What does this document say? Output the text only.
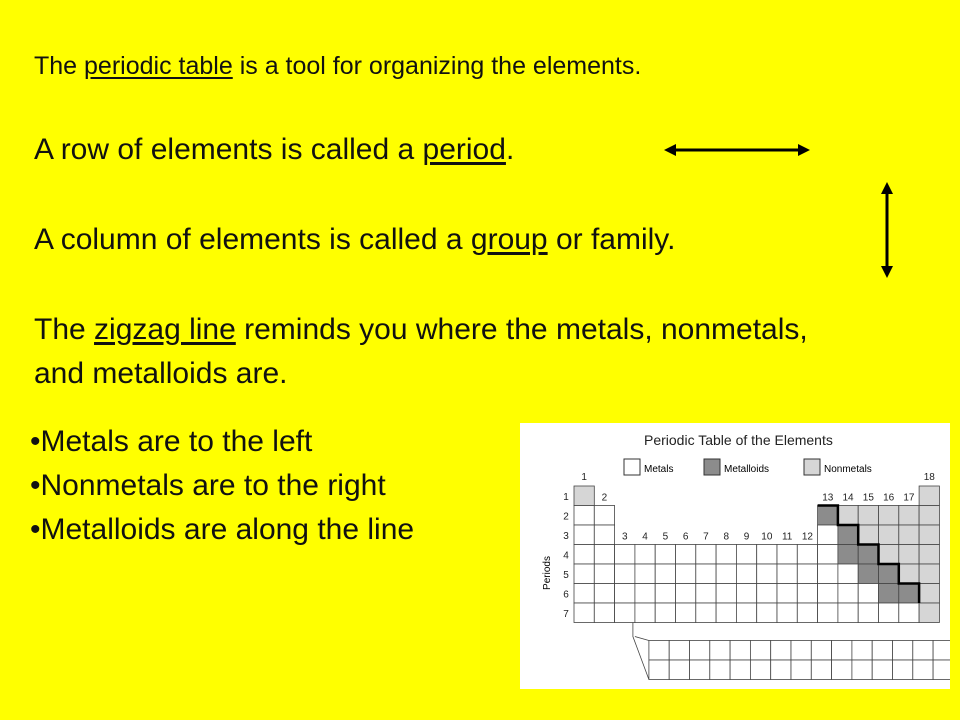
The periodic table is a tool for organizing the elements.
A row of elements is called a period.
A column of elements is called a group or family.
The zigzag line reminds you where the metals, nonmetals,
and metalloids are.
•Metals are to the left
•Nonmetals are to the right
•Metalloids are along the line
Periodic Table of the Elements
Metals	Metalloids	Nonmetals
Periods
1
2
3 4 5 6 7 8 9 10 11 12
13 14 15 16 17
18
1
2
3
4
5
6
7
